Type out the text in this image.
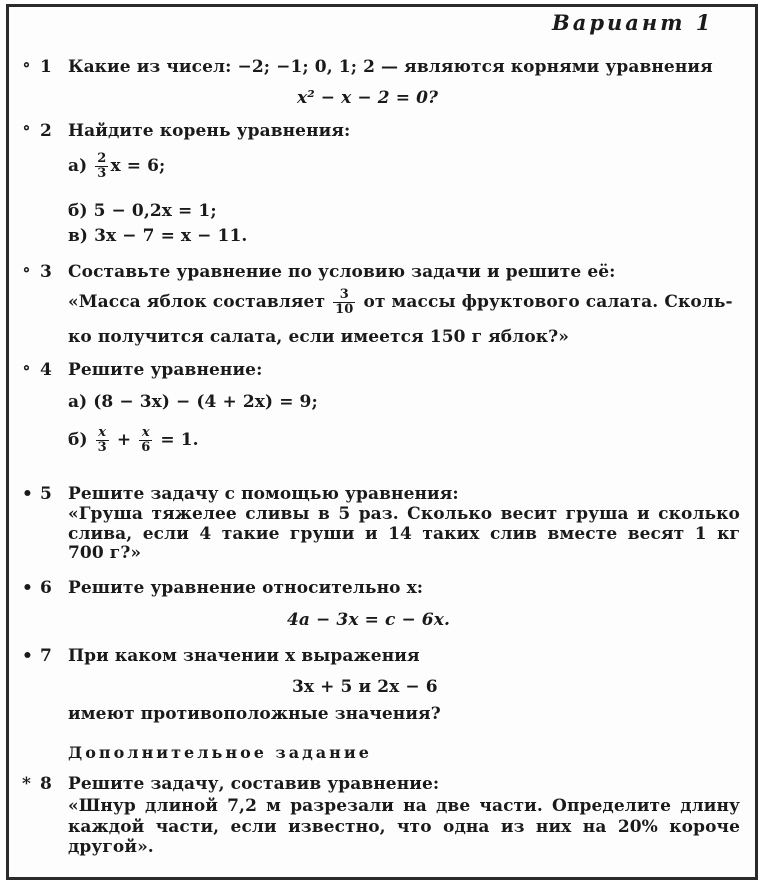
Вариант 1
∘ 1 Какие из чисел: −2; −1; 0, 1; 2 — являются корнями уравнения
x² − x − 2 = 0?
∘ 2 Найдите корень уравнения:
$а) \frac{2}{3}$ x = 6;
б) 5 − 0,2x = 1;
в) 3x − 7 = x − 11.
∘ 3 Составьте уравнение по условию задачи и решите её:
«Масса яблок составляет $\frac{3}{10}$ от массы фруктового салата. Сколь-
ко получится салата, если имеется 150 г яблок?»
∘ 4 Решите уравнение:
а) (8 − 3x) − (4 + 2x) = 9;
$б) \frac{x}{3} + \frac{x}{6} = 1$.
• 5 Решите задачу с помощью уравнения:
«Груша тяжелее сливы в 5 раз. Сколько весит груша и сколько
слива, если 4 такие груши и 14 таких слив вместе весят 1 кг
700 г?»
• 6 Решите уравнение относительно x:
4a − 3x = c − 6x.
• 7 При каком значении x выражения
3x + 5 и 2x − 6
имеют противоположные значения?
Дополнительное задание
* 8 Решите задачу, составив уравнение:
«Шнур длиной 7,2 м разрезали на две части. Определите длину
каждой части, если известно, что одна из них на 20% короче
другой».
